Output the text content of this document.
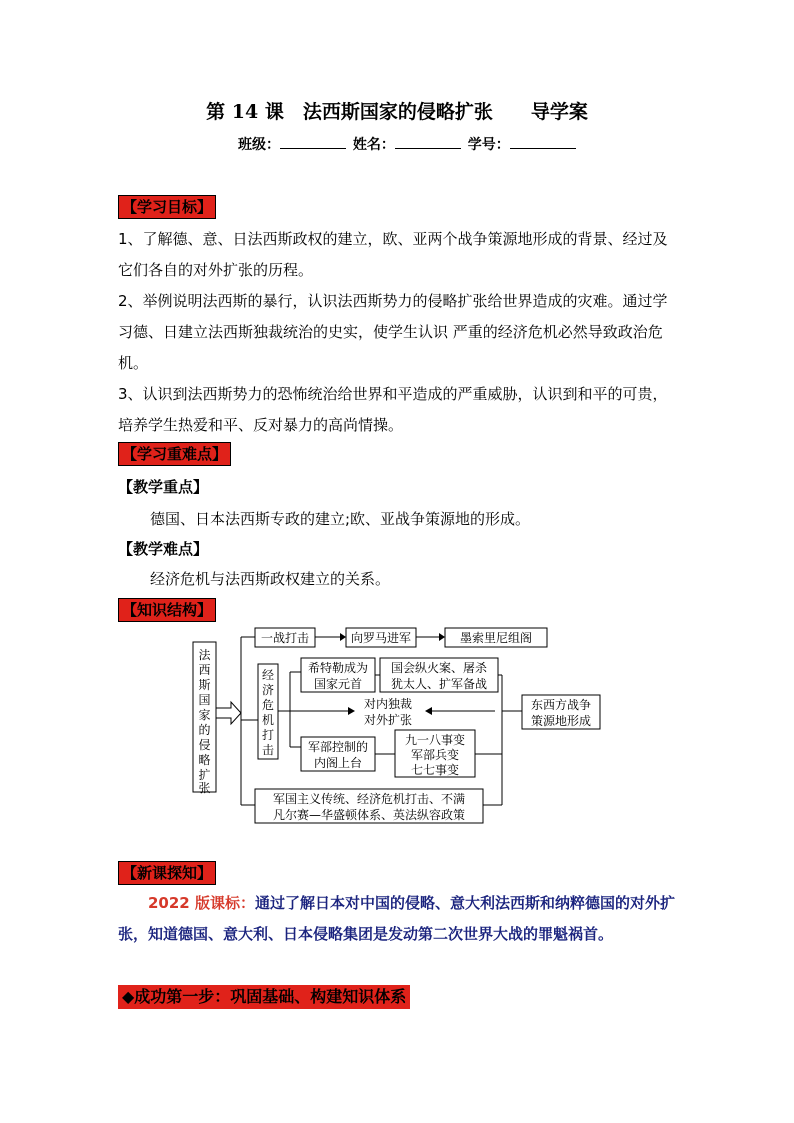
第 14 课　法西斯国家的侵略扩张　　导学案
班级：	姓名：	学号：
【学习目标】
1、了解德、意、日法西斯政权的建立，欧、亚两个战争策源地形成的背景、经过及它们各自的对外扩张的历程。
2、举例说明法西斯的暴行，认识法西斯势力的侵略扩张给世界造成的灾难。通过学习德、日建立法西斯独裁统治的史实，使学生认识 严重的经济危机必然导致政治危机。
3、认识到法西斯势力的恐怖统治给世界和平造成的严重威胁，认识到和平的可贵，培养学生热爱和平、反对暴力的高尚情操。
【学习重难点】
【教学重点】
德国、日本法西斯专政的建立;欧、亚战争策源地的形成。
【教学难点】
经济危机与法西斯政权建立的关系。
【知识结构】
法
西
斯
国
家
的
侵
略
扩
张
一战打击	向罗马进军	墨索里尼组阁
经
济
危
机
打
击
对内独裁
对外扩张
希特勒成为
国家元首
国会纵火案、屠杀
犹太人、扩军备战
军部控制的
内阁上台
九一八事变
军部兵变
七七事变
东西方战争
策源地形成
军国主义传统、经济危机打击、不满
凡尔赛—华盛顿体系、英法纵容政策
【新课探知】
2022 版课标：通过了解日本对中国的侵略、意大利法西斯和纳粹德国的对外扩张，知道德国、意大利、日本侵略集团是发动第二次世界大战的罪魁祸首。
◆成功第一步：巩固基础、构建知识体系
